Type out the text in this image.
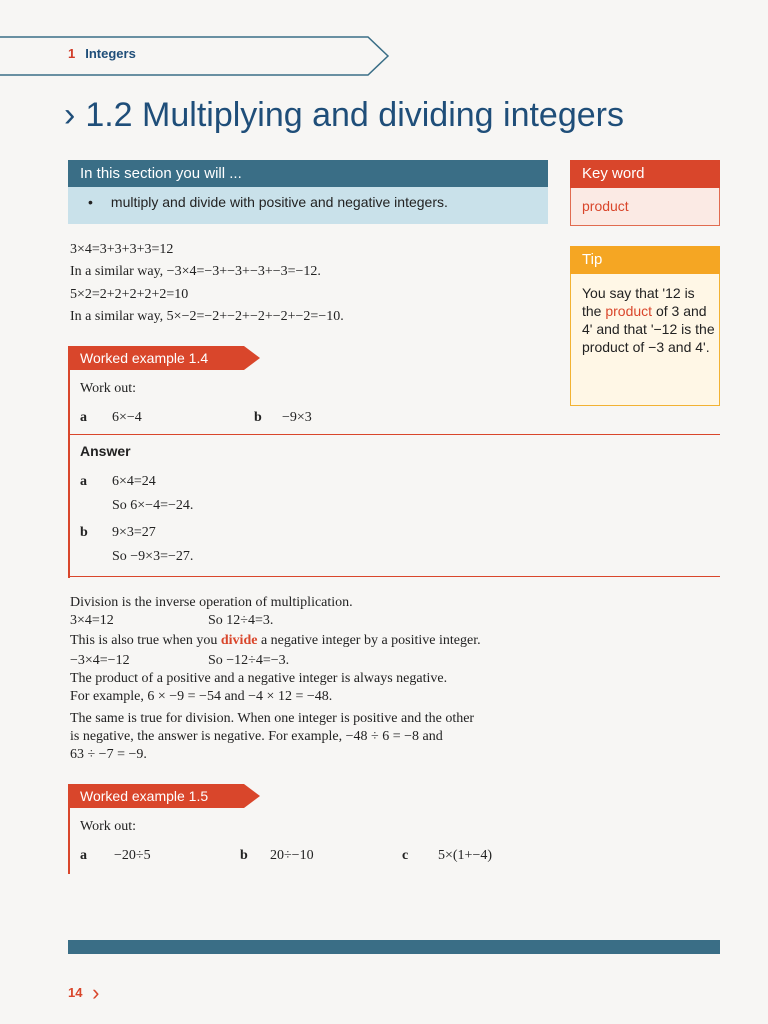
1 Integers
› 1.2 Multiplying and dividing integers
In this section you will ...
• multiply and divide with positive and negative integers.
Key word
product
Tip
You say that '12 is the product of 3 and 4' and that '−12 is the product of −3 and 4'.
3×4=3+3+3+3=12
In a similar way, −3×4=−3+−3+−3+−3=−12.
5×2=2+2+2+2+2=10
In a similar way, 5×−2=−2+−2+−2+−2+−2=−10.
Worked example 1.4
Work out:
a 6×−4	b −9×3
Answer
a 6×4=24
So 6×−4=−24.
b 9×3=27
So −9×3=−27.
Division is the inverse operation of multiplication.
3×4=12	So 12÷4=3.
This is also true when you divide a negative integer by a positive integer.
−3×4=−12	So −12÷4=−3.
The product of a positive and a negative integer is always negative.
For example, 6 × −9 = −54 and −4 × 12 = −48.
The same is true for division. When one integer is positive and the other
is negative, the answer is negative. For example, −48 ÷ 6 = −8 and
63 ÷ −7 = −9.
Worked example 1.5
Work out:
a −20÷5	b 20÷−10	c 5×(1+−4)
14 ›
